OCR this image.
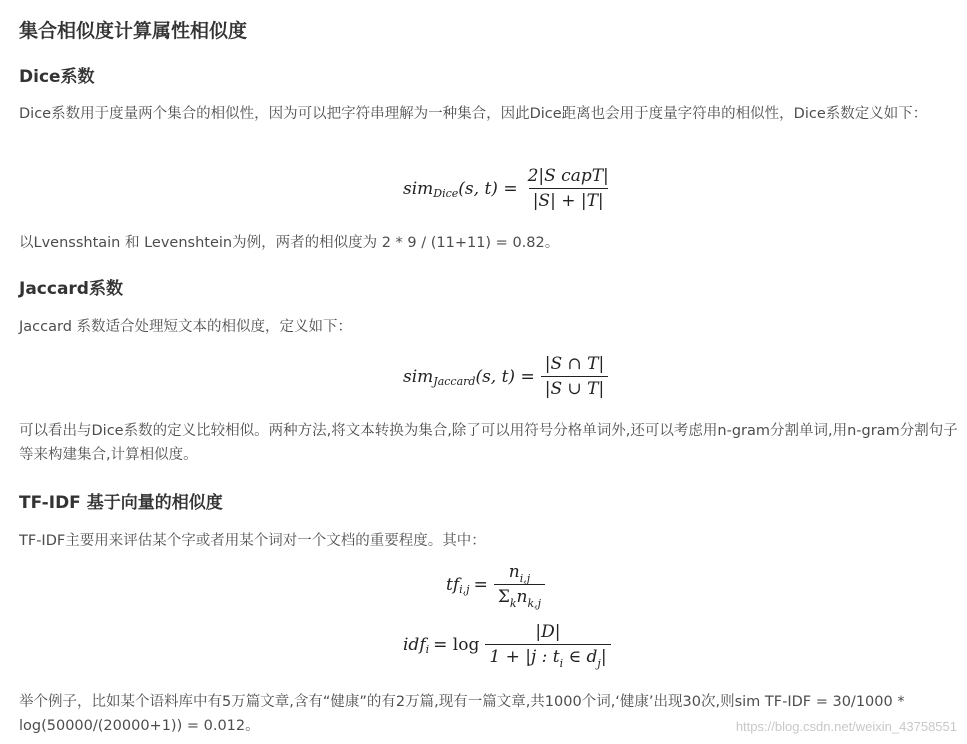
集合相似度计算属性相似度
Dice系数
Dice系数用于度量两个集合的相似性，因为可以把字符串理解为一种集合，因此Dice距离也会用于度量字符串的相似性，Dice系数定义如下：
sim Dice (s, $t) = \frac{\text{2|S capT|}}{|S| + |T|}$
以Lvensshtain 和 Levenshtein为例，两者的相似度为 2 * 9 / (11+11) = 0.82。
Jaccard系数
Jaccard 系数适合处理短文本的相似度，定义如下：
sim Jaccard (s, $t) = \frac{|S \cap T|}{|S \cup T|}$
可以看出与Dice系数的定义比较相似。两种方法,将文本转换为集合,除了可以用符号分格单词外,还可以考虑用n-gram分割单词,用n-gram分割句子等来构建集合,计算相似度。
TF-IDF 基于向量的相似度
TF-IDF主要用来评估某个字或者用某个词对一个文档的重要程度。其中：
tf $i,j = \frac{n_{i,j}}{\Sigma_kn_{k,j}}$
idf $i = \log \frac{|D|}{1 + |j : t_i \in d_j|}$
举个例子，比如某个语料库中有5万篇文章,含有“健康”的有2万篇,现有一篇文章,共1000个词,‘健康’出现30次,则sim TF-IDF = 30/1000 * log(50000/(20000+1)) = 0.012。	https://blog.csdn.net/weixin_43758551
